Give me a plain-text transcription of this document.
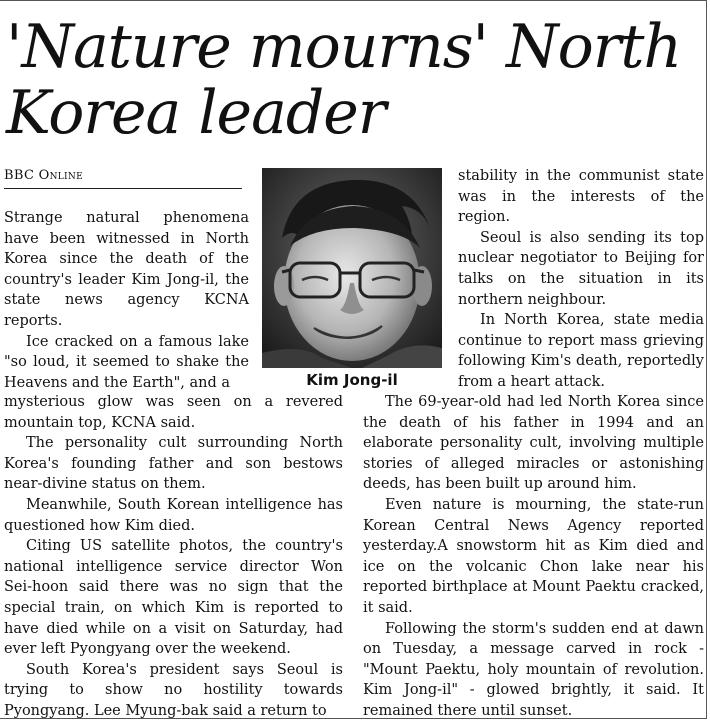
'Nature mourns' North Korea leader
BBC Online
Kim Jong-il

Strange natural phenomena have been witnessed in North Korea since the death of the country's leader Kim Jong-il, the state news agency KCNA reports.

Ice cracked on a famous lake "so loud, it seemed to shake the Heavens and the Earth", and a

mysterious glow was seen on a revered mountain top, KCNA said.

The personality cult surrounding North Korea's founding father and son bestows near-divine status on them.

Meanwhile, South Korean intelligence has questioned how Kim died.

Citing US satellite photos, the country's national intelligence service director Won Sei-hoon said there was no sign that the special train, on which Kim is reported to have died while on a visit on Saturday, had ever left Pyongyang over the weekend.

South Korea's president says Seoul is trying to show no hostility towards Pyongyang. Lee Myung-bak said a return to

stability in the communist state was in the interests of the region.

Seoul is also sending its top nuclear negotiator to Beijing for talks on the situation in its northern neighbour.

In North Korea, state media continue to report mass grieving following Kim's death, reportedly from a heart attack.

The 69-year-old had led North Korea since the death of his father in 1994 and an elaborate personality cult, involving multiple stories of alleged miracles or astonishing deeds, has been built up around him.

Even nature is mourning, the state-run Korean Central News Agency reported yesterday.A snowstorm hit as Kim died and ice on the volcanic Chon lake near his reported birthplace at Mount Paektu cracked, it said.

Following the storm's sudden end at dawn on Tuesday, a message carved in rock - "Mount Paektu, holy mountain of revolution. Kim Jong-il" - glowed brightly, it said. It remained there until sunset.
